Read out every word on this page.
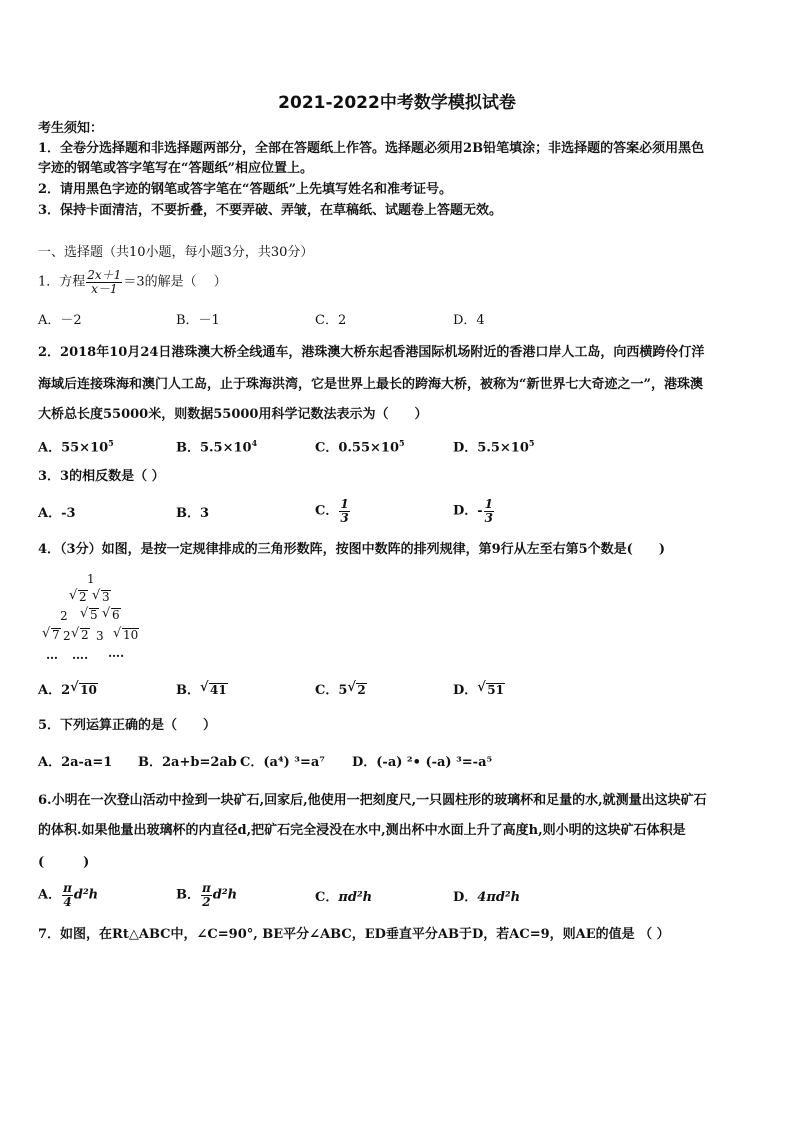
2021-2022中考数学模拟试卷
考生须知：
1．全卷分选择题和非选择题两部分，全部在答题纸上作答。选择题必须用2B铅笔填涂；非选择题的答案必须用黑色
字迹的钢笔或答字笔写在“答题纸”相应位置上。
2．请用黑色字迹的钢笔或答字笔在“答题纸”上先填写姓名和准考证号。
3．保持卡面清洁，不要折叠，不要弄破、弄皱，在草稿纸、试题卷上答题无效。
一、选择题（共10小题，每小题3分，共30分）
1．方程 $\frac{2x+1}{x-1} =3$的解是（　 ）
A．－2	B．－1	C．2	D．4
2．2018年10月24日港珠澳大桥全线通车，港珠澳大桥东起香港国际机场附近的香港口岸人工岛，向西横跨伶仃洋
海域后连接珠海和澳门人工岛，止于珠海洪湾，它是世界上最长的跨海大桥，被称为“新世界七大奇迹之一”，港珠澳
大桥总长度55000米，则数据55000用科学记数法表示为（　　）
A．$55\times 10^5$	B．$5.5\times 10^4$	C．$0.55\times 10^5$	D．$5.5\times 10^5$
3．3的相反数是（ ）
A．-3	B．3	C． $\frac{1}{3}$	D．- $\frac{1}{3}$
4．（3分）如图，是按一定规律排成的三角形数阵，按图中数阵的排列规律，第9行从左至右第5个数是(　　)
1
√ 2	√ 3
2	√ 5	√ 6
√ 7 2 √ 2 3	√ 10
… …. ….
A．2 √ 10	B． √ 41	C．5 √ 2	D． √ 51
5．下列运算正确的是（　　）
A．2a-a=1 B．2a+b=2ab C．(a⁴) ³=a⁷ D．(-a) ²• (-a) ³=-a⁵
6.小明在一次登山活动中捡到一块矿石,回家后,他使用一把刻度尺,一只圆柱形的玻璃杯和足量的水,就测量出这块矿石
的体积.如果他量出玻璃杯的内直径d,把矿石完全浸没在水中,测出杯中水面上升了高度h,则小明的这块矿石体积是
(　　　)
A． $\frac{\pi}{4} d^2h$	B． $\frac{\pi}{2} d^2h$	C．πd²h	D．4πd²h
7．如图，在Rt△ABC中，∠C=90°, BE平分∠ABC，ED垂直平分AB于D，若AC=9，则AE的值是 （ ）
